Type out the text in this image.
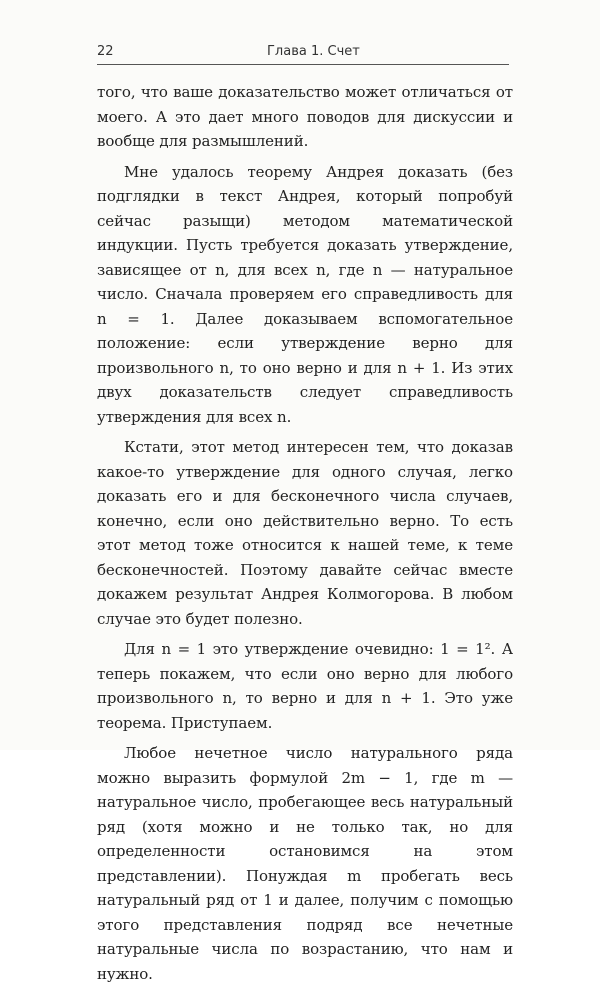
22	Глава 1. Счет

того, что ваше доказательство может отличаться от моего. А это дает много поводов для дискуссии и вообще для размышлений.

Мне удалось теорему Андрея доказать (без подглядки в текст Андрея, который попробуй сейчас разыщи) методом математической индукции. Пусть требуется доказать утверждение, зависящее от n, для всех n, где n — натуральное число. Сначала проверяем его справедливость для n = 1. Далее доказываем вспомогательное положение: если утверждение верно для произвольного n, то оно верно и для n + 1. Из этих двух доказательств следует справедливость утверждения для всех n.

Кстати, этот метод интересен тем, что доказав какое-то утверждение для одного случая, легко доказать его и для бесконечного числа случаев, конечно, если оно действительно верно. То есть этот метод тоже относится к нашей теме, к теме бесконечностей. Поэтому давайте сейчас вместе докажем результат Андрея Колмогорова. В любом случае это будет полезно.

Для n = 1 это утверждение очевидно: 1 = 1². А теперь покажем, что если оно верно для любого произвольного n, то верно и для n + 1. Это уже теорема. Приступаем.

Любое нечетное число натурального ряда можно выразить формулой 2m − 1, где m — натуральное число, пробегающее весь натуральный ряд (хотя можно и не только так, но для определенности остановимся на этом представлении). Понуждая m пробегать весь натуральный ряд от 1 и далее, получим с помощью этого представления подряд все нечетные натуральные числа по возрастанию, что нам и нужно.
